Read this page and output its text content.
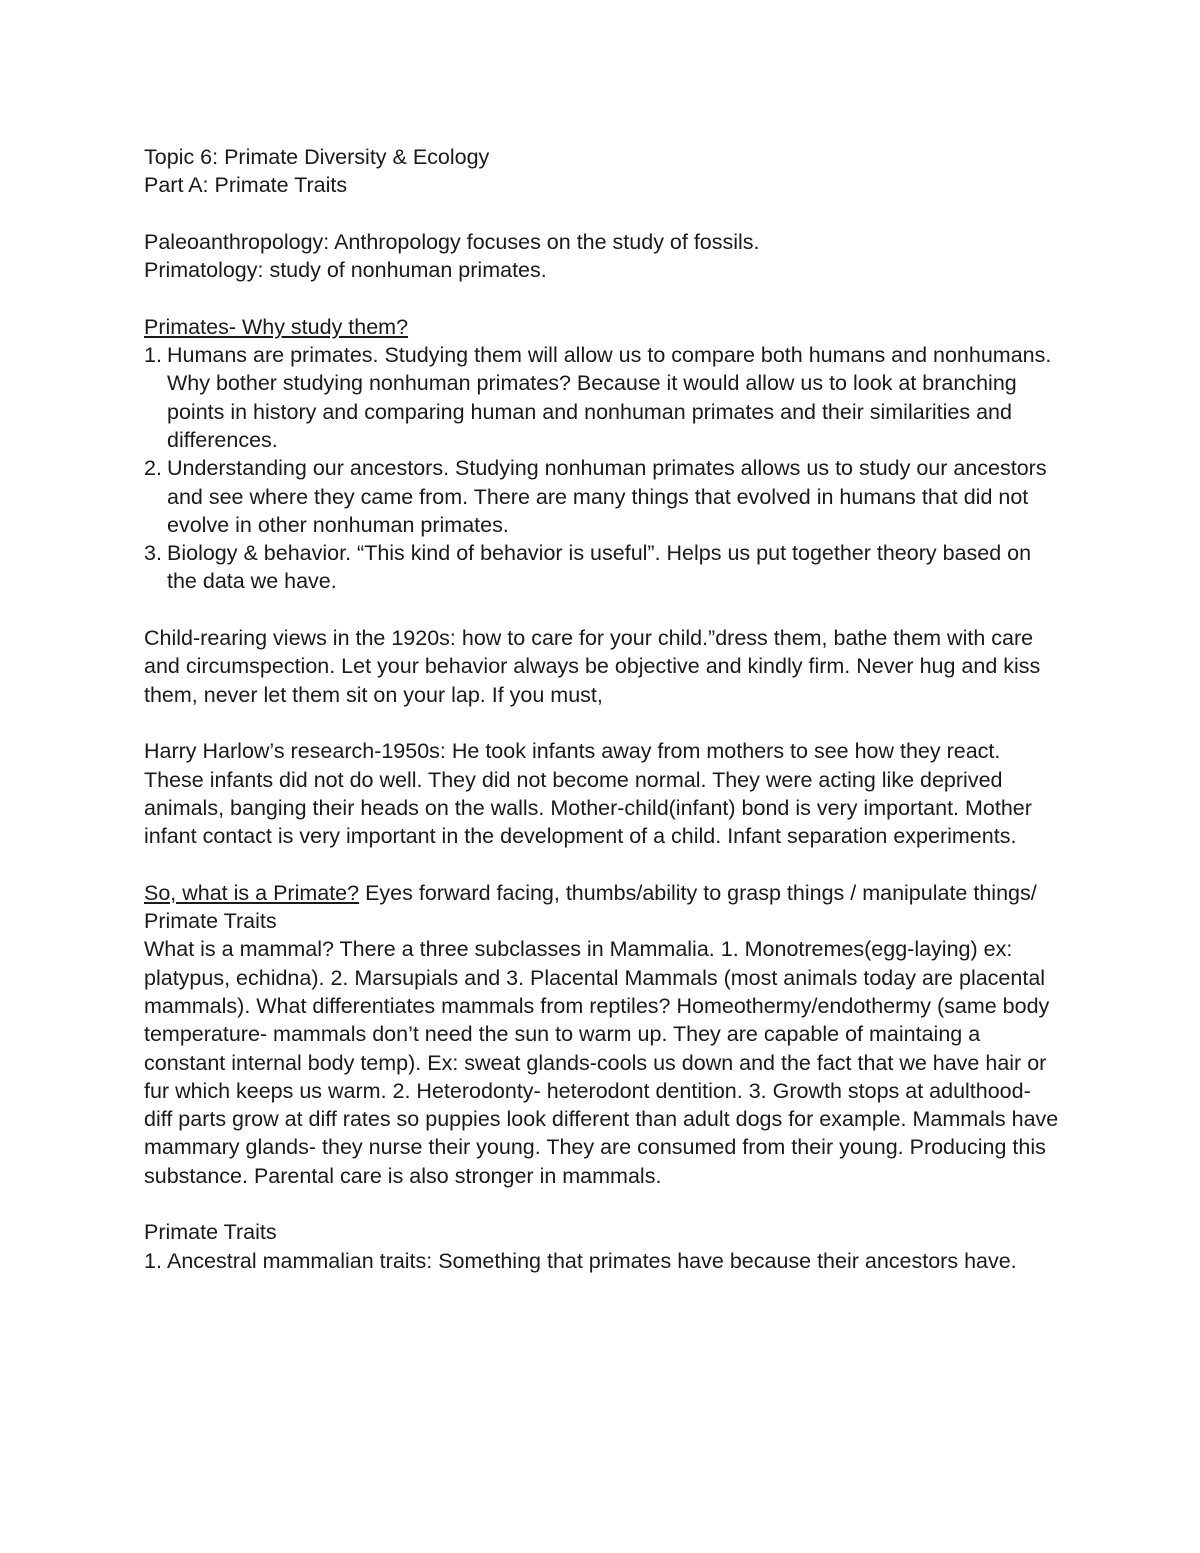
Topic 6: Primate Diversity & Ecology

Part A: Primate Traits

Paleoanthropology: Anthropology focuses on the study of fossils.

Primatology: study of nonhuman primates.

Primates- Why study them?

1. Humans are primates. Studying them will allow us to compare both humans and nonhumans. Why bother studying nonhuman primates? Because it would allow us to look at branching points in history and comparing human and nonhuman primates and their similarities and differences.
2. Understanding our ancestors. Studying nonhuman primates allows us to study our ancestors and see where they came from. There are many things that evolved in humans that did not evolve in other nonhuman primates.
3. Biology & behavior. “This kind of behavior is useful”. Helps us put together theory based on the data we have.

Child-rearing views in the 1920s: how to care for your child.”dress them, bathe them with care and circumspection. Let your behavior always be objective and kindly firm. Never hug and kiss them, never let them sit on your lap. If you must,

Harry Harlow’s research-1950s: He took infants away from mothers to see how they react. These infants did not do well. They did not become normal. They were acting like deprived animals, banging their heads on the walls. Mother-child(infant) bond is very important. Mother infant contact is very important in the development of a child. Infant separation experiments.

So, what is a Primate? Eyes forward facing, thumbs/ability to grasp things / manipulate things/

Primate Traits

What is a mammal? There a three subclasses in Mammalia. 1. Monotremes(egg-laying) ex: platypus, echidna). 2. Marsupials and 3. Placental Mammals (most animals today are placental mammals). What differentiates mammals from reptiles? Homeothermy/endothermy (same body temperature- mammals don’t need the sun to warm up. They are capable of maintaing a constant internal body temp). Ex: sweat glands-cools us down and the fact that we have hair or fur which keeps us warm. 2. Heterodonty- heterodont dentition. 3. Growth stops at adulthood- diff parts grow at diff rates so puppies look different than adult dogs for example. Mammals have mammary glands- they nurse their young. They are consumed from their young. Producing this substance. Parental care is also stronger in mammals.

Primate Traits

1. Ancestral mammalian traits: Something that primates have because their ancestors have.
